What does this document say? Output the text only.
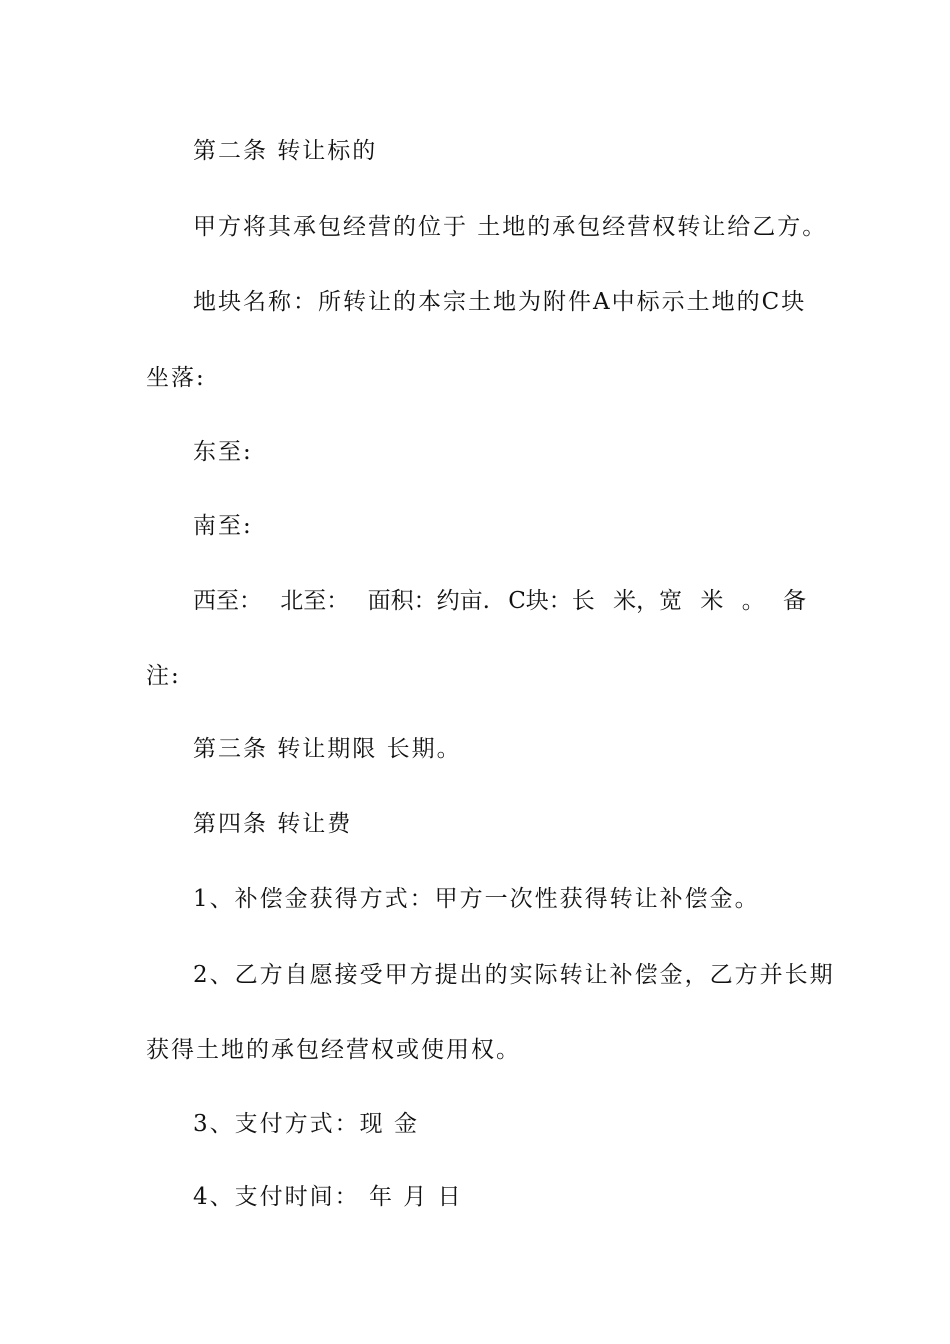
第二条 转让标的
甲方将其承包经营的位于 土地的承包经营权转让给乙方。
地块名称：所转让的本宗土地为附件A中标示土地的C块
坐落:
东至:
南至:
西至： 北至： 面积：约亩. C块：长 米，宽 米 。 备
注:
第三条 转让期限 长期。
第四条 转让费
1、补偿金获得方式：甲方一次性获得转让补偿金。
2、乙方自愿接受甲方提出的实际转让补偿金，乙方并长期
获得土地的承包经营权或使用权。
3、支付方式：现 金
4、支付时间： 年 月 日
